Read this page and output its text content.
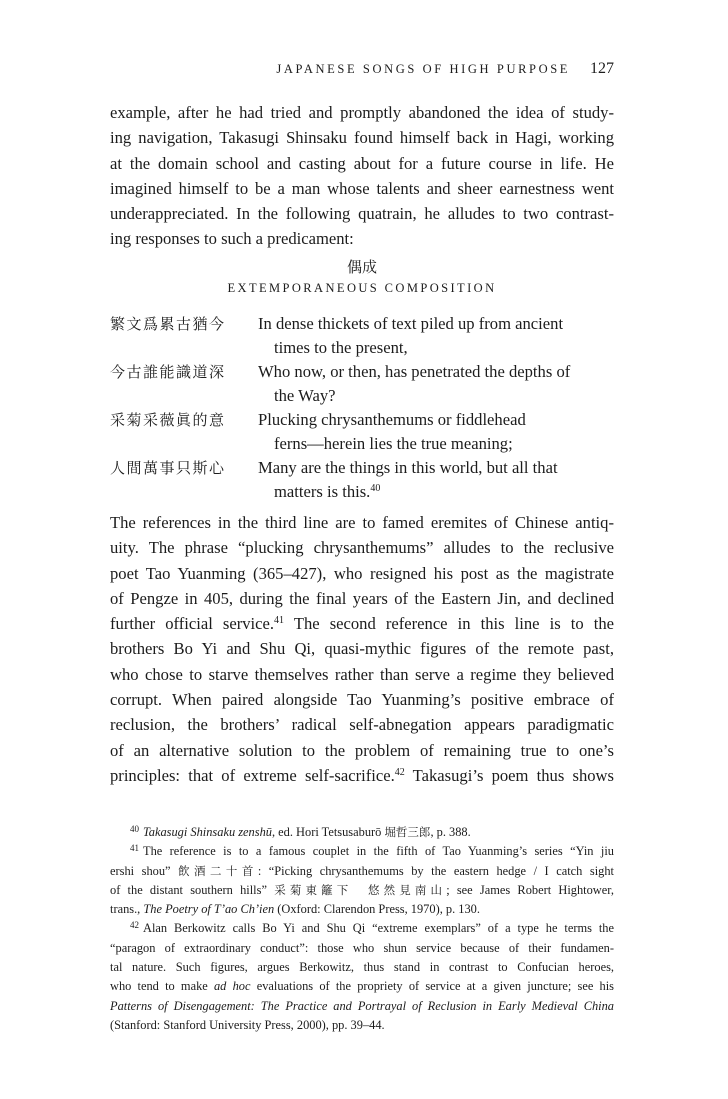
JAPANESE SONGS OF HIGH PURPOSE 127
example, after he had tried and promptly abandoned the idea of study-
ing navigation, Takasugi Shinsaku found himself back in Hagi, working
at the domain school and casting about for a future course in life. He
imagined himself to be a man whose talents and sheer earnestness went
underappreciated. In the following quatrain, he alludes to two contrast-
ing responses to such a predicament:
偶成
EXTEMPORANEOUS COMPOSITION
繁文爲累古猶今 In dense thickets of text piled up from ancient
times to the present,
今古誰能識道深 Who now, or then, has penetrated the depths of
the Way?
采菊采薇眞的意 Plucking chrysanthemums or fiddlehead
ferns—herein lies the true meaning;
人間萬事只斯心 Many are the things in this world, but all that
matters is this.$^{40}$
The references in the third line are to famed eremites of Chinese antiq-
uity. The phrase “plucking chrysanthemums” alludes to the reclusive
poet Tao Yuanming (365–427), who resigned his post as the magistrate
of Pengze in 405, during the final years of the Eastern Jin, and declined
further official service.$^{41}$ The second reference in this line is to the
brothers Bo Yi and Shu Qi, quasi-mythic figures of the remote past,
who chose to starve themselves rather than serve a regime they believed
corrupt. When paired alongside Tao Yuanming’s positive embrace of
reclusion, the brothers’ radical self-abnegation appears paradigmatic
of an alternative solution to the problem of remaining true to one’s
principles: that of extreme self-sacrifice.$^{42}$ Takasugi’s poem thus shows
$^{40}$ Takasugi Shinsaku zenshū, ed. Hori Tetsusaburō 堀哲三郎, p. 388.
$^{41}$ The reference is to a famous couplet in the fifth of Tao Yuanming’s series “Yin jiu
ershi shou” 飲酒二十首: “Picking chrysanthemums by the eastern hedge / I catch sight
of the distant southern hills” 采菊東籬下　悠然見南山; see James Robert Hightower,
trans., The Poetry of T’ao Ch’ien (Oxford: Clarendon Press, 1970), p. 130.
$^{42}$ Alan Berkowitz calls Bo Yi and Shu Qi “extreme exemplars” of a type he terms the
“paragon of extraordinary conduct”: those who shun service because of their fundamen-
tal nature. Such figures, argues Berkowitz, thus stand in contrast to Confucian heroes,
who tend to make ad hoc evaluations of the propriety of service at a given juncture; see his
Patterns of Disengagement: The Practice and Portrayal of Reclusion in Early Medieval China
(Stanford: Stanford University Press, 2000), pp. 39–44.
